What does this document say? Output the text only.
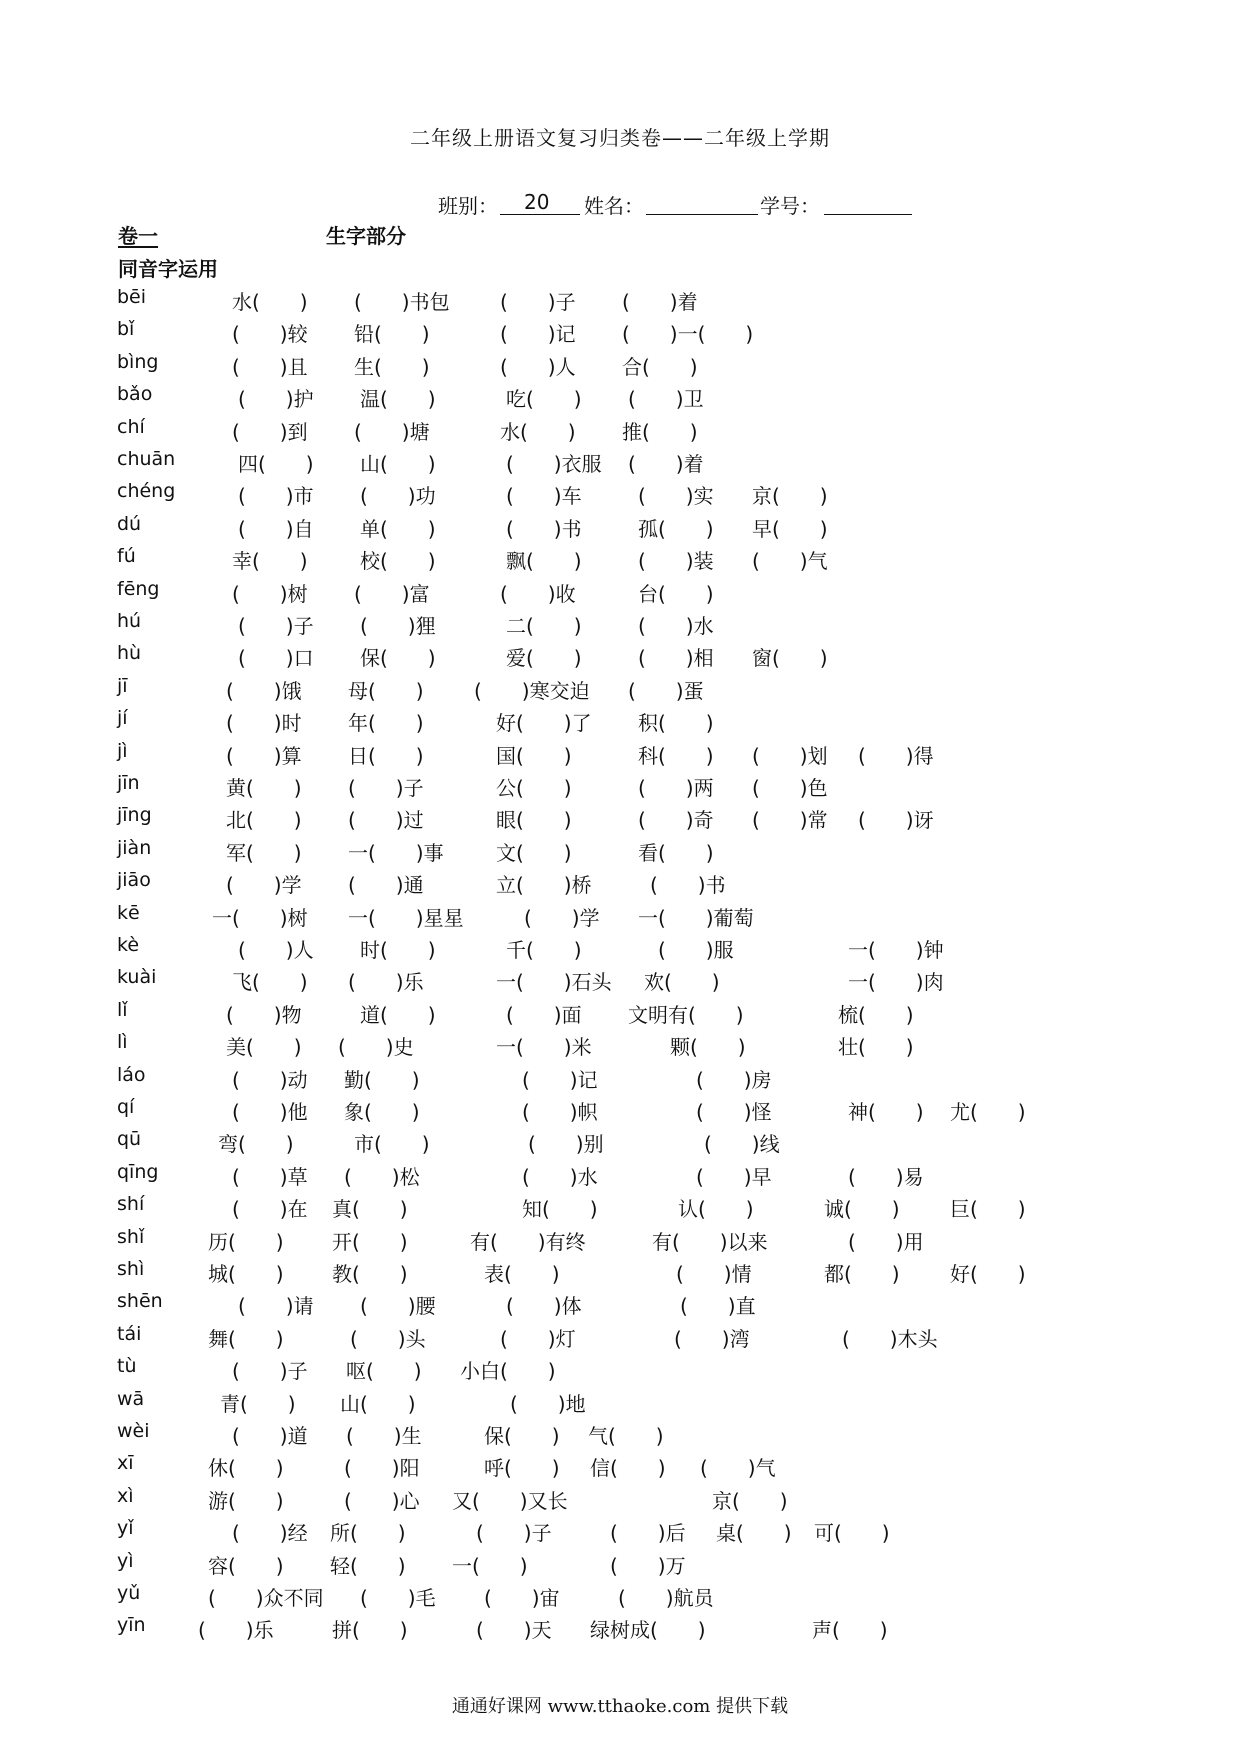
二年级上册语文复习归类卷——二年级上学期
班别： 20 姓名：	学号：
卷一	生字部分
同音字运用
bēi	水(　　) (　　)书包	(　　)子 (　　)着
bǐ	(　　)较 铅(　　)	(　　)记 (　　)一(　　)
bìng	(　　)且 生(　　)	(　　)人 合(　　)
bǎo	(　　)护 温(　　)	吃(　　) (　　)卫
chí	(　　)到 (　　)塘	水(　　) 推(　　)
chuān	四(　　) 山(　　)	(　　)衣服 (　　)着
chéng	(　　)市 (　　)功	(　　)车	(　　)实 京(　　)
dú	(　　)自 单(　　)	(　　)书	孤(　　) 早(　　)
fú	幸(　　)	校(　　)	飘(　　)	(　　)装 (　　)气
fēng	(　　)树 (　　)富	(　　)收	台(　　)
hú	(　　)子 (　　)狸	二(　　)	(　　)水
hù	(　　)口 保(　　)	爱(　　)	(　　)相 窗(　　)
jī	(　　)饿 母(　　)	(　　)寒交迫 (　　)蛋
jí	(　　)时 年(　　)	好(　　)了 积(　　)
jì	(　　)算 日(　　)	国(　　)	科(　　) (　　)划 (　　)得
jīn	黄(　　) (　　)子	公(　　)	(　　)两 (　　)色
jīng	北(　　) (　　)过	眼(　　)	(　　)奇 (　　)常 (　　)讶
jiàn	军(　　) 一(　　)事	文(　　)	看(　　)
jiāo	(　　)学 (　　)通	立(　　)桥	(　　)书
kē	一(　　)树 一(　　)星星	(　　)学 一(　　)葡萄
kè	(　　)人 时(　　)	千(　　)	(　　)服	一(　　)钟
kuài	飞(　　) (　　)乐	一(　　)石头 欢(　　)	一(　　)肉
lǐ	(　　)物	道(　　)	(　　)面 文明有(　　)	梳(　　)
lì	美(　　) (　　)史	一(　　)米	颗(　　)	壮(　　)
láo	(　　)动 勤(　　)	(　　)记	(　　)房
qí	(　　)他 象(　　)	(　　)帜	(　　)怪	神(　　) 尤(　　)
qū	弯(　　)	市(　　)	(　　)别	(　　)线
qīng	(　　)草 (　　)松	(　　)水	(　　)早	(　　)易
shí	(　　)在 真(　　)	知(　　)	认(　　)	诚(　　)	巨(　　)
shǐ	历(　　) 开(　　)	有(　　)有终	有(　　)以来	(　　)用
shì	城(　　) 教(　　)	表(　　)	(　　)情	都(　　)	好(　　)
shēn	(　　)请 (　　)腰	(　　)体	(　　)直
tái	舞(　　)	(　　)头	(　　)灯	(　　)湾	(　　)木头
tù	(　　)子 呕(　　) 小白(　　)
wā	青(　　) 山(　　)	(　　)地
wèi	(　　)道 (　　)生	保(　　) 气(　　)
xī	休(　　)	(　　)阳	呼(　　) 信(　　) (　　)气
xì	游(　　)	(　　)心 又(　　)又长	京(　　)
yǐ	(　　)经 所(　　)	(　　)子	(　　)后 桌(　　) 可(　　)
yì	容(　　) 轻(　　) 一(　　)	(　　)万
yǔ	(　　)众不同 (　　)毛 (　　)宙	(　　)航员
yīn	(　　)乐	拼(　　)	(　　)天 绿树成(　　)	声(　　)
通通好课网 www.tthaoke.com 提供下载
